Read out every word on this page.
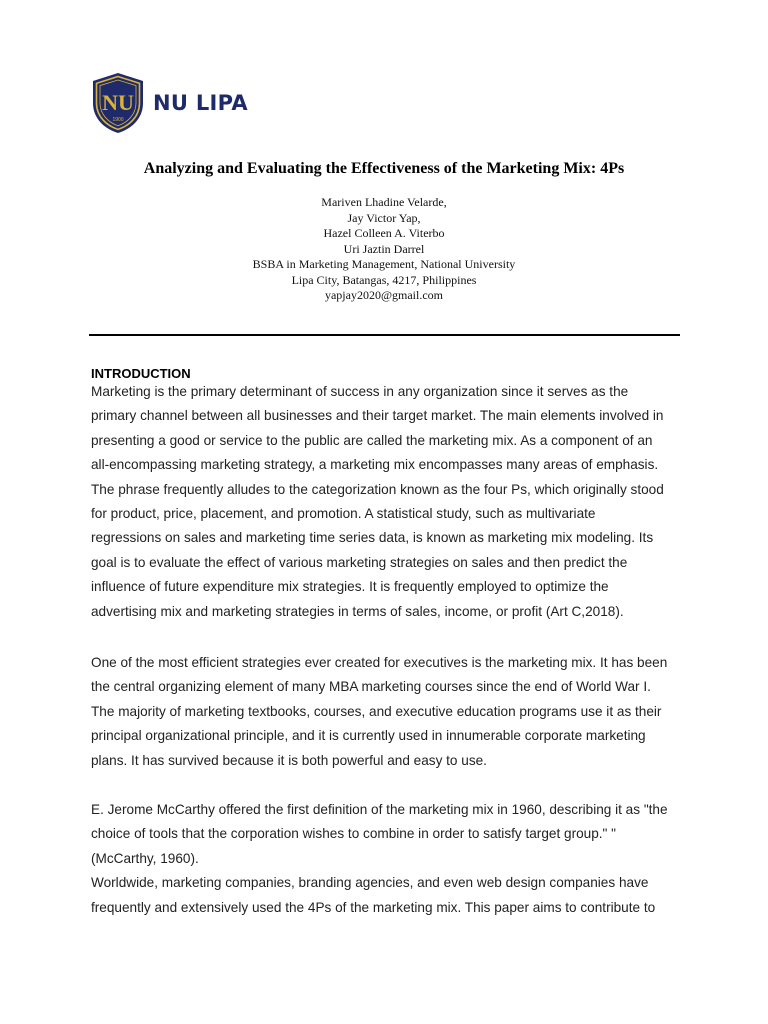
NU
1900
NU LIPA
Analyzing and Evaluating the Effectiveness of the Marketing Mix: 4Ps
Mariven Lhadine Velarde,
Jay Victor Yap,
Hazel Colleen A. Viterbo
Uri Jaztin Darrel
BSBA in Marketing Management, National University
Lipa City, Batangas, 4217, Philippines
yapjay2020@gmail.com
INTRODUCTION
Marketing is the primary determinant of success in any organization since it serves as the
primary channel between all businesses and their target market. The main elements involved in
presenting a good or service to the public are called the marketing mix. As a component of an
all-encompassing marketing strategy, a marketing mix encompasses many areas of emphasis.
The phrase frequently alludes to the categorization known as the four Ps, which originally stood
for product, price, placement, and promotion. A statistical study, such as multivariate
regressions on sales and marketing time series data, is known as marketing mix modeling. Its
goal is to evaluate the effect of various marketing strategies on sales and then predict the
influence of future expenditure mix strategies. It is frequently employed to optimize the
advertising mix and marketing strategies in terms of sales, income, or profit (Art C,2018).
One of the most efficient strategies ever created for executives is the marketing mix. It has been
the central organizing element of many MBA marketing courses since the end of World War I.
The majority of marketing textbooks, courses, and executive education programs use it as their
principal organizational principle, and it is currently used in innumerable corporate marketing
plans. It has survived because it is both powerful and easy to use.
E. Jerome McCarthy offered the first definition of the marketing mix in 1960, describing it as "the
choice of tools that the corporation wishes to combine in order to satisfy target group." "
(McCarthy, 1960).
Worldwide, marketing companies, branding agencies, and even web design companies have
frequently and extensively used the 4Ps of the marketing mix. This paper aims to contribute to
